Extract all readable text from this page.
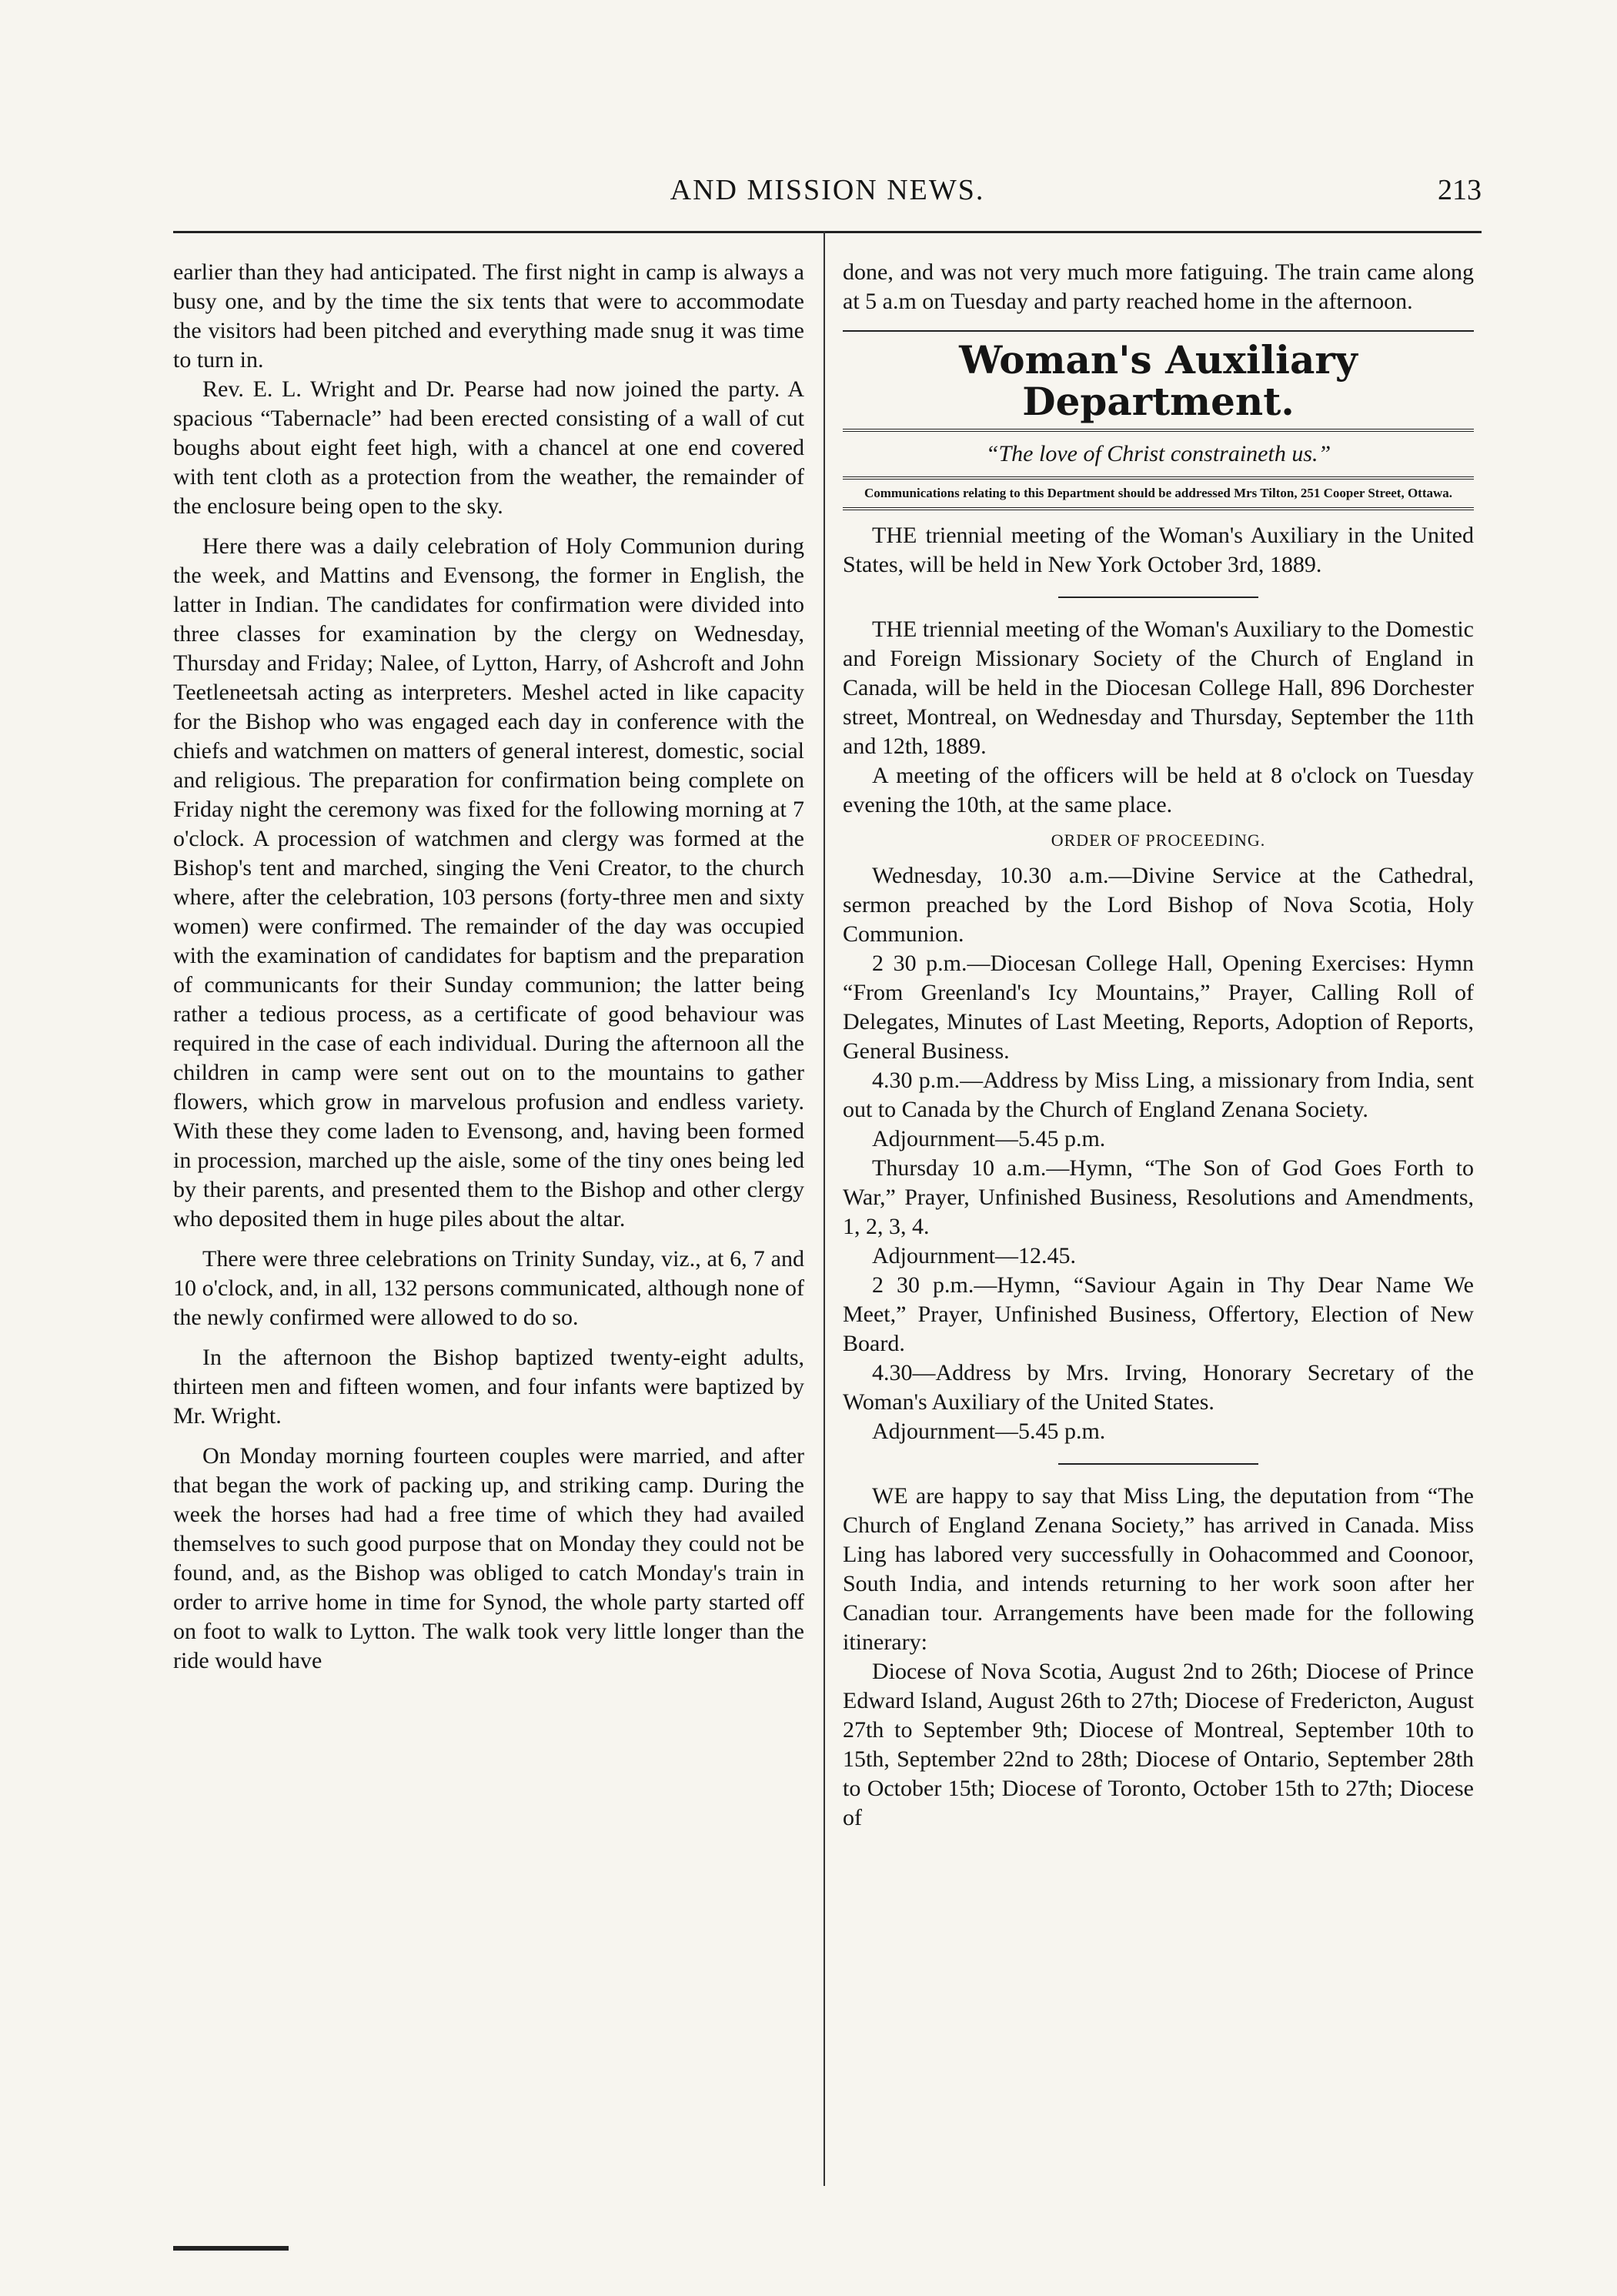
AND MISSION NEWS.	213

earlier than they had anticipated. The first night in camp is always a busy one, and by the time the six tents that were to accommodate the visitors had been pitched and everything made snug it was time to turn in.

Rev. E. L. Wright and Dr. Pearse had now joined the party. A spacious “Tabernacle” had been erected consisting of a wall of cut boughs about eight feet high, with a chancel at one end covered with tent cloth as a protection from the weather, the remainder of the enclosure being open to the sky.

Here there was a daily celebration of Holy Communion during the week, and Mattins and Evensong, the former in English, the latter in Indian. The candidates for confirmation were divided into three classes for examination by the clergy on Wednesday, Thursday and Friday; Nalee, of Lytton, Harry, of Ashcroft and John Teetleneetsah acting as interpreters. Meshel acted in like capacity for the Bishop who was engaged each day in conference with the chiefs and watchmen on matters of general interest, domestic, social and religious. The preparation for confirmation being complete on Friday night the ceremony was fixed for the following morning at 7 o'clock. A procession of watchmen and clergy was formed at the Bishop's tent and marched, singing the Veni Creator, to the church where, after the celebration, 103 persons (forty-three men and sixty women) were confirmed. The remainder of the day was occupied with the examination of candidates for baptism and the preparation of communicants for their Sunday communion; the latter being rather a tedious process, as a certificate of good behaviour was required in the case of each individual. During the afternoon all the children in camp were sent out on to the mountains to gather flowers, which grow in marvelous profusion and endless variety. With these they come laden to Evensong, and, having been formed in procession, marched up the aisle, some of the tiny ones being led by their parents, and presented them to the Bishop and other clergy who deposited them in huge piles about the altar.

There were three celebrations on Trinity Sunday, viz., at 6, 7 and 10 o'clock, and, in all, 132 persons communicated, although none of the newly confirmed were allowed to do so.

In the afternoon the Bishop baptized twenty-eight adults, thirteen men and fifteen women, and four infants were baptized by Mr. Wright.

On Monday morning fourteen couples were married, and after that began the work of packing up, and striking camp. During the week the horses had had a free time of which they had availed themselves to such good purpose that on Monday they could not be found, and, as the Bishop was obliged to catch Monday's train in order to arrive home in time for Synod, the whole party started off on foot to walk to Lytton. The walk took very little longer than the ride would have

done, and was not very much more fatiguing. The train came along at 5 a.m on Tuesday and party reached home in the afternoon.

Woman's Auxiliary Department.
“The love of Christ constraineth us.”
Communications relating to this Department should be addressed Mrs Tilton, 251 Cooper Street, Ottawa.

THE triennial meeting of the Woman's Auxiliary in the United States, will be held in New York October 3rd, 1889.

THE triennial meeting of the Woman's Auxiliary to the Domestic and Foreign Missionary Society of the Church of England in Canada, will be held in the Diocesan College Hall, 896 Dorchester street, Montreal, on Wednesday and Thursday, September the 11th and 12th, 1889.

A meeting of the officers will be held at 8 o'clock on Tuesday evening the 10th, at the same place.

ORDER OF PROCEEDING.

Wednesday, 10.30 a.m.—Divine Service at the Cathedral, sermon preached by the Lord Bishop of Nova Scotia, Holy Communion.

2 30 p.m.—Diocesan College Hall, Opening Exercises: Hymn “From Greenland's Icy Mountains,” Prayer, Calling Roll of Delegates, Minutes of Last Meeting, Reports, Adoption of Reports, General Business.

4.30 p.m.—Address by Miss Ling, a missionary from India, sent out to Canada by the Church of England Zenana Society.

Adjournment—5.45 p.m.

Thursday 10 a.m.—Hymn, “The Son of God Goes Forth to War,” Prayer, Unfinished Business, Resolutions and Amendments, 1, 2, 3, 4.

Adjournment—12.45.

2 30 p.m.—Hymn, “Saviour Again in Thy Dear Name We Meet,” Prayer, Unfinished Business, Offertory, Election of New Board.

4.30—Address by Mrs. Irving, Honorary Secretary of the Woman's Auxiliary of the United States.

Adjournment—5.45 p.m.

WE are happy to say that Miss Ling, the deputation from “The Church of England Zenana Society,” has arrived in Canada. Miss Ling has labored very successfully in Oohacommed and Coonoor, South India, and intends returning to her work soon after her Canadian tour. Arrangements have been made for the following itinerary:

Diocese of Nova Scotia, August 2nd to 26th; Diocese of Prince Edward Island, August 26th to 27th; Diocese of Fredericton, August 27th to September 9th; Diocese of Montreal, September 10th to 15th, September 22nd to 28th; Diocese of Ontario, September 28th to October 15th; Diocese of Toronto, October 15th to 27th; Diocese of
